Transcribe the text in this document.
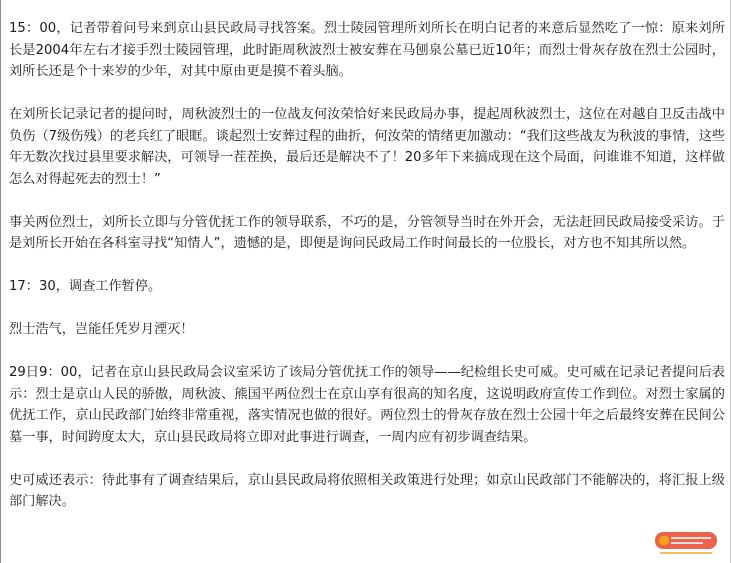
15：00，记者带着问号来到京山县民政局寻找答案。烈士陵园管理所刘所长在明白记者的来意后显然吃了一惊：原来刘所长是2004年左右才接手烈士陵园管理，此时距周秋波烈士被安葬在马刨泉公墓已近10年；而烈士骨灰存放在烈士公园时，刘所长还是个十来岁的少年，对其中原由更是摸不着头脑。

在刘所长记录记者的提问时，周秋波烈士的一位战友何汝荣恰好来民政局办事，提起周秋波烈士，这位在对越自卫反击战中负伤（7级伤残）的老兵红了眼眶。谈起烈士安葬过程的曲折，何汝荣的情绪更加激动：“我们这些战友为秋波的事情，这些年无数次找过县里要求解决，可领导一茬茬换，最后还是解决不了！20多年下来搞成现在这个局面，问谁谁不知道，这样做怎么对得起死去的烈士！”

事关两位烈士，刘所长立即与分管优抚工作的领导联系，不巧的是，分管领导当时在外开会，无法赶回民政局接受采访。于是刘所长开始在各科室寻找“知情人”，遗憾的是，即便是询问民政局工作时间最长的一位股长，对方也不知其所以然。

17：30，调查工作暂停。

烈士浩气，岂能任凭岁月湮灭！

29日9：00，记者在京山县民政局会议室采访了该局分管优抚工作的领导——纪检组长史可威。史可威在记录记者提问后表示：烈士是京山人民的骄傲，周秋波、熊国平两位烈士在京山享有很高的知名度，这说明政府宣传工作到位。对烈士家属的优抚工作，京山民政部门始终非常重视，落实情况也做的很好。两位烈士的骨灰存放在烈士公园十年之后最终安葬在民间公墓一事，时间跨度太大，京山县民政局将立即对此事进行调查，一周内应有初步调查结果。

史可威还表示：待此事有了调查结果后，京山县民政局将依照相关政策进行处理；如京山民政部门不能解决的，将汇报上级部门解决。
